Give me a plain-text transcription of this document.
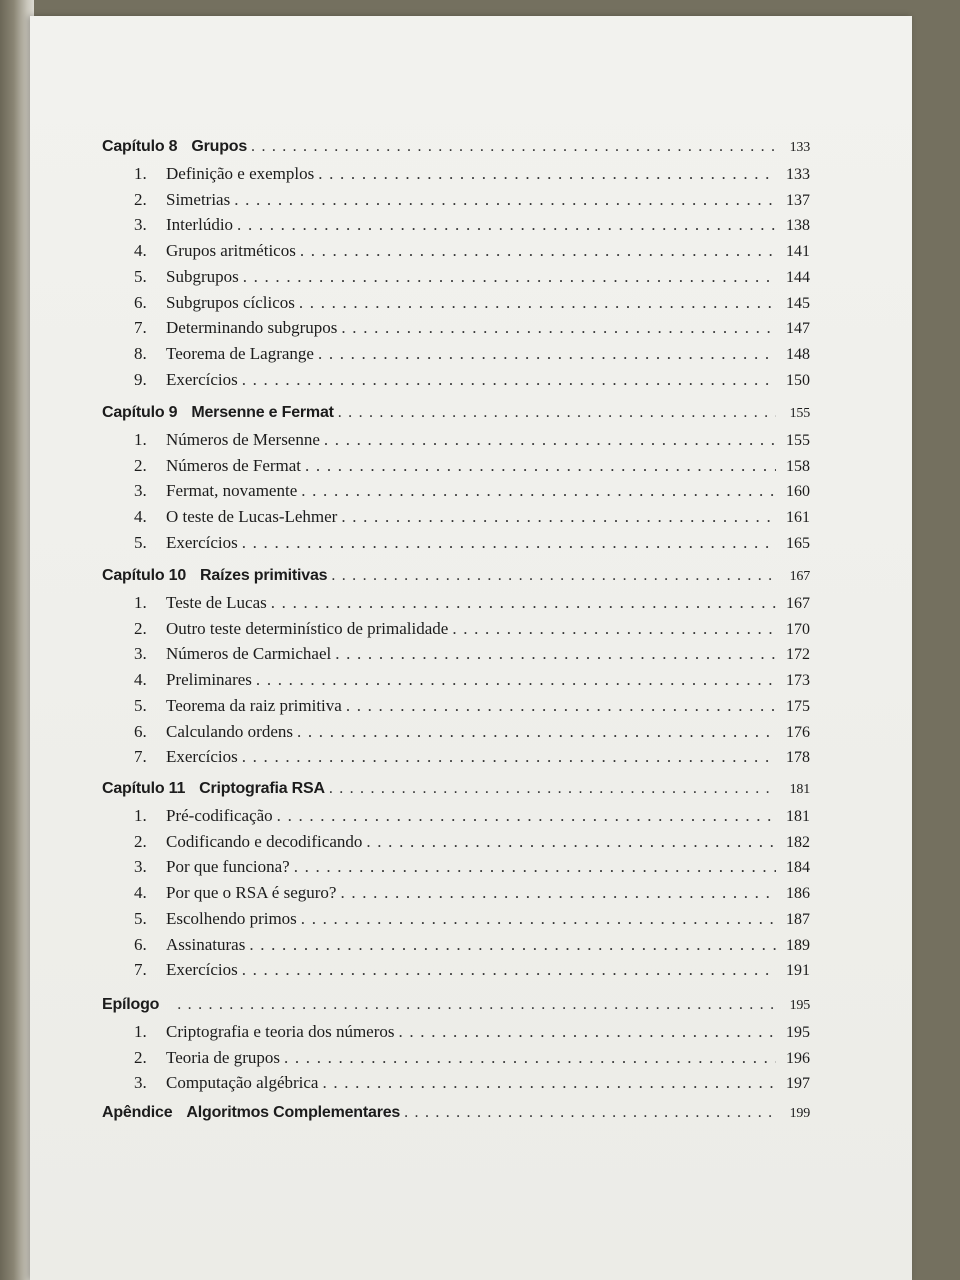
Capítulo 8 Grupos . . .	133
1.	Definição e exemplos . . .	133
2.	Simetrias . . .	137
3.	Interlúdio . . .	138
4.	Grupos aritméticos . . .	141
5.	Subgrupos . . .	144
6.	Subgrupos cíclicos . . .	145
7.	Determinando subgrupos . . .	147
8.	Teorema de Lagrange . . .	148
9.	Exercícios . . .	150
Capítulo 9 Mersenne e Fermat . . .	155
1.	Números de Mersenne . . .	155
2.	Números de Fermat . . .	158
3.	Fermat, novamente . . .	160
4.	O teste de Lucas-Lehmer . . .	161
5.	Exercícios . . .	165
Capítulo 10 Raízes primitivas . . .	167
1.	Teste de Lucas . . .	167
2.	Outro teste determinístico de primalidade . . .	170
3.	Números de Carmichael . . .	172
4.	Preliminares . . .	173
5.	Teorema da raiz primitiva . . .	175
6.	Calculando ordens . . .	176
7.	Exercícios . . .	178
Capítulo 11 Criptografia RSA . . .	181
1.	Pré-codificação . . .	181
2.	Codificando e decodificando . . .	182
3.	Por que funciona? . . .	184
4.	Por que o RSA é seguro? . . .	186
5.	Escolhendo primos . . .	187
6.	Assinaturas . . .	189
7.	Exercícios . . .	191
Epílogo . . .	195
1.	Criptografia e teoria dos números . . .	195
2.	Teoria de grupos . . .	196
3.	Computação algébrica . . .	197
Apêndice Algoritmos Complementares . . .	199
